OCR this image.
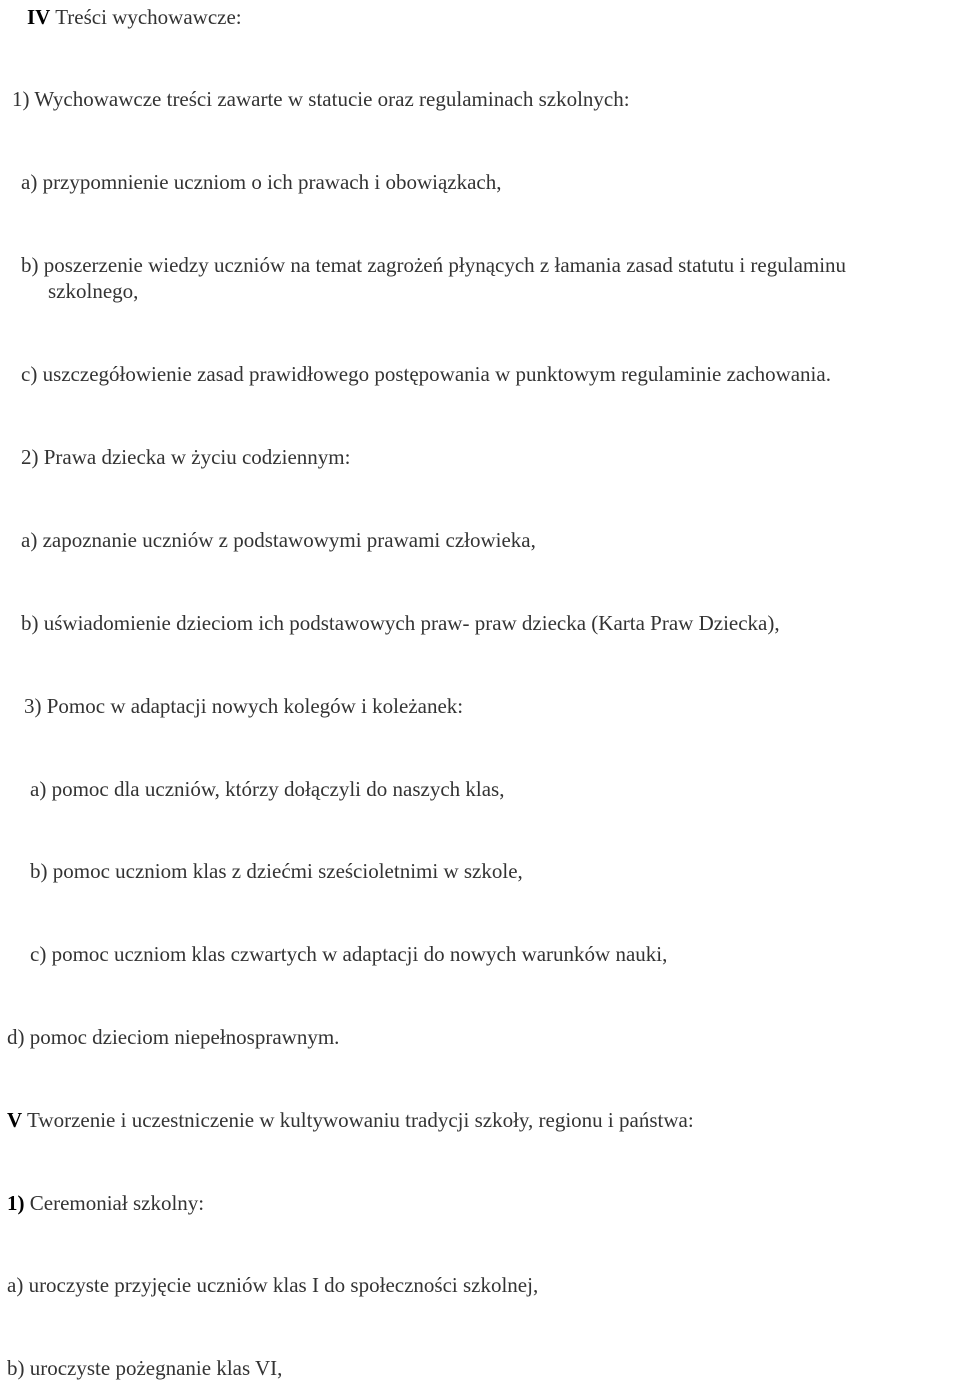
IV Treści wychowawcze:
1) Wychowawcze treści zawarte w statucie oraz regulaminach szkolnych:
a) przypomnienie uczniom o ich prawach i obowiązkach,
b) poszerzenie wiedzy uczniów na temat zagrożeń płynących z łamania zasad statutu i regulaminu
szkolnego,
c) uszczegółowienie zasad prawidłowego postępowania w punktowym regulaminie zachowania.
2) Prawa dziecka w życiu codziennym:
a) zapoznanie uczniów z podstawowymi prawami człowieka,
b) uświadomienie dzieciom ich podstawowych praw- praw dziecka (Karta Praw Dziecka),
3) Pomoc w adaptacji nowych kolegów i koleżanek:
a) pomoc dla uczniów, którzy dołączyli do naszych klas,
b) pomoc uczniom klas z dziećmi sześcioletnimi w szkole,
c) pomoc uczniom klas czwartych w adaptacji do nowych warunków nauki,
d) pomoc dzieciom niepełnosprawnym.
V Tworzenie i uczestniczenie w kultywowaniu tradycji szkoły, regionu i państwa:
1) Ceremoniał szkolny:
a) uroczyste przyjęcie uczniów klas I do społeczności szkolnej,
b) uroczyste pożegnanie klas VI,
